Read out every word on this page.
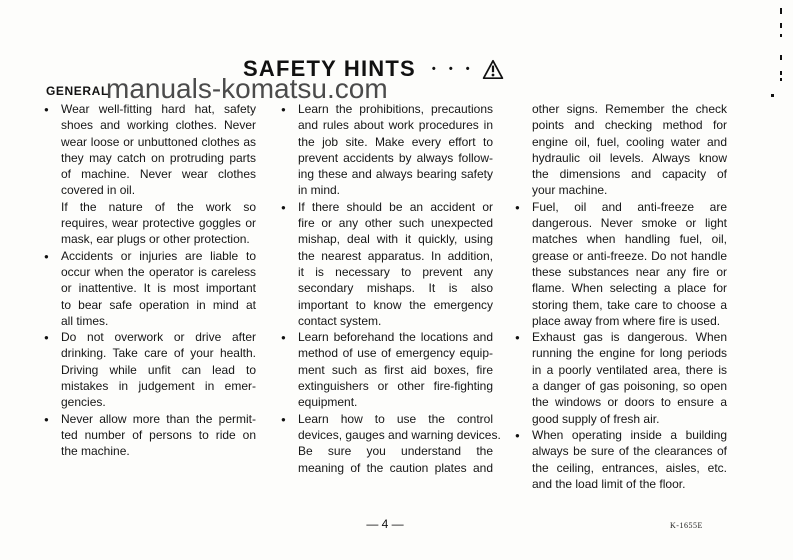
SAFETY HINTS • • •
GENERAL
manuals-komatsu.com
●	Wear well-fitting hard hat, safety
shoes and working clothes. Never
wear loose or unbuttoned clothes as
they may catch on protruding parts
of machine. Never wear clothes
covered in oil.
If the nature of the work so
requires, wear protective goggles or
mask, ear plugs or other protection.
●	Accidents or injuries are liable to
occur when the operator is careless
or inattentive. It is most important
to bear safe operation in mind at
all times.
●	Do not overwork or drive after
drinking. Take care of your health.
Driving while unfit can lead to
mistakes in judgement in emer-
gencies.
●	Never allow more than the permit-
ted number of persons to ride on
the machine.
●	Learn the prohibitions, precautions
and rules about work procedures in
the job site. Make every effort to
prevent accidents by always follow-
ing these and always bearing safety
in mind.
●	If there should be an accident or
fire or any other such unexpected
mishap, deal with it quickly, using
the nearest apparatus. In addition,
it is necessary to prevent any
secondary mishaps. It is also
important to know the emergency
contact system.
●	Learn beforehand the locations and
method of use of emergency equip-
ment such as first aid boxes, fire
extinguishers or other fire-fighting
equipment.
●	Learn how to use the control
devices, gauges and warning devices.
Be sure you understand the
meaning of the caution plates and
other signs. Remember the check
points and checking method for
engine oil, fuel, cooling water and
hydraulic oil levels. Always know
the dimensions and capacity of
your machine.
●	Fuel, oil and anti-freeze are
dangerous. Never smoke or light
matches when handling fuel, oil,
grease or anti-freeze. Do not handle
these substances near any fire or
flame. When selecting a place for
storing them, take care to choose a
place away from where fire is used.
●	Exhaust gas is dangerous. When
running the engine for long periods
in a poorly ventilated area, there is
a danger of gas poisoning, so open
the windows or doors to ensure a
good supply of fresh air.
●	When operating inside a building
always be sure of the clearances of
the ceiling, entrances, aisles, etc.
and the load limit of the floor.
— 4 —	K-1655E
